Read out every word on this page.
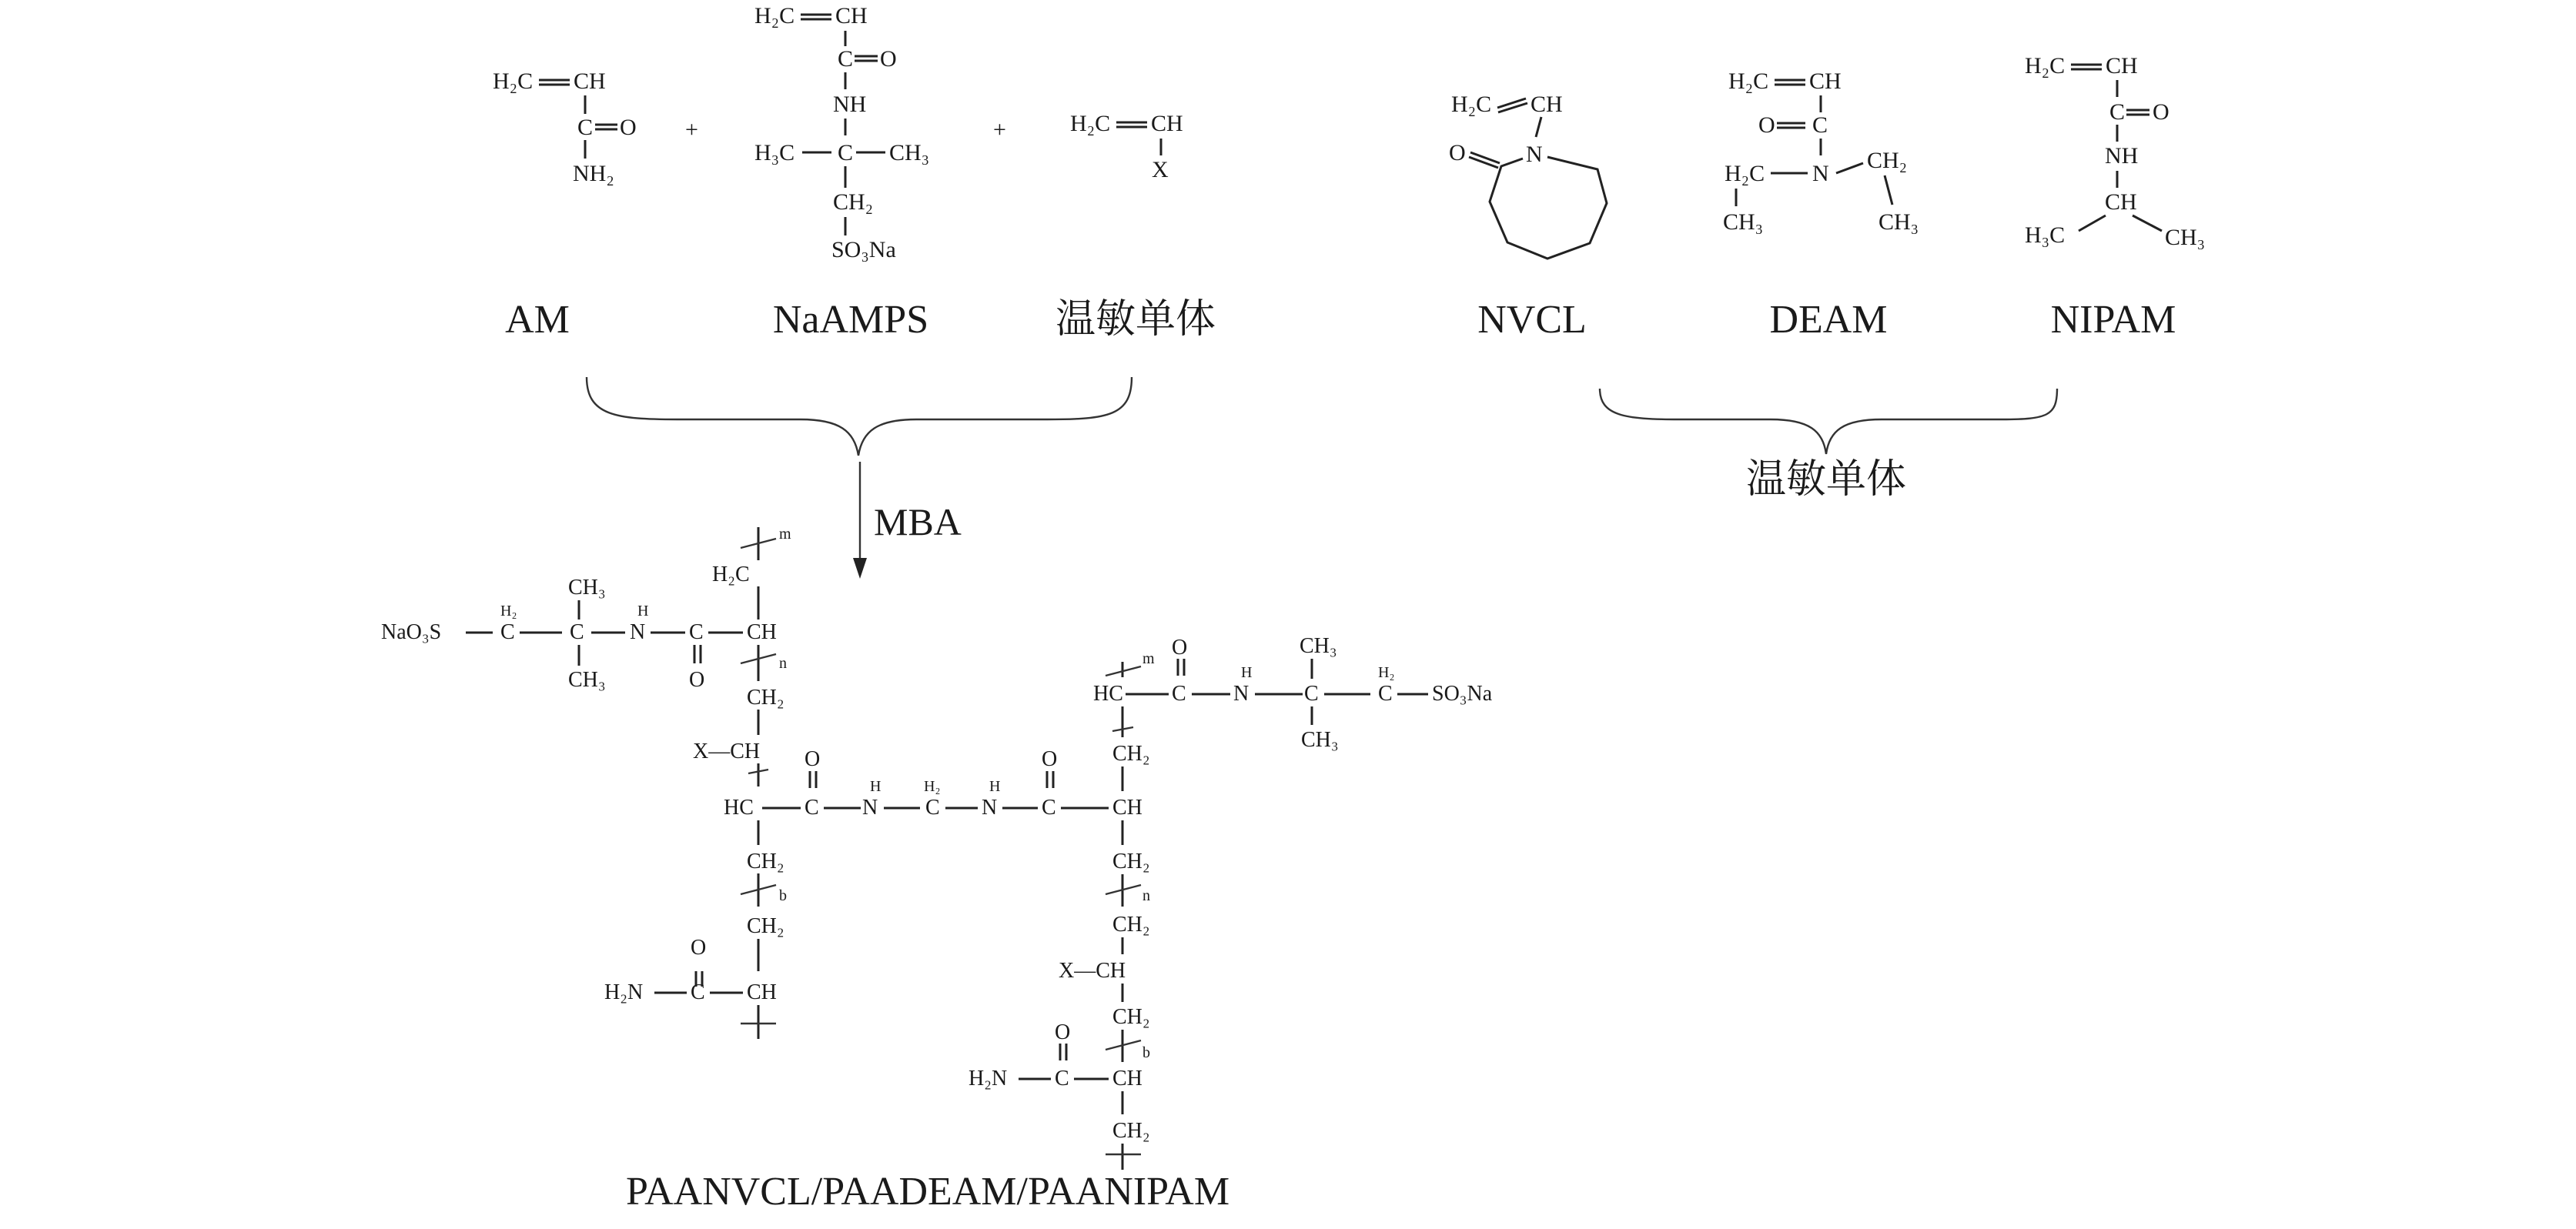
H₂C CH
C O
NH₂
AM
+
H₂C CH
C O
NH
H₃C C CH₃
CH₂
SO₃Na
NaAMPS
+	H₂C CH
X
温敏单体
MBA
H₂C CH
N
O
NVCL
H₂C CH
O C
N
H₂C
CH₂
CH₃	CH₃
DEAM
H₂C CH
C O
NH
CH
H₃C	CH₃
NIPAM
温敏单体
m
H₂C
NaO₃S
H₂
C
CH₃
C
CH₃
H
N C
O
CH
n
CH₂
X—CH
HC
CH₂
b
CH₂
H₂N C
O
CH
C
O
H
N
H₂
C
H
N C
O
m
HC C
O
H
N
CH₃
C
CH₃
H₂
C SO₃Na
CH₂
CH
CH₂
n
CH₂
X—CH
CH₂
b
H₂N C
O
CH
CH₂
PAANVCL/PAADEAM/PAANIPAM
